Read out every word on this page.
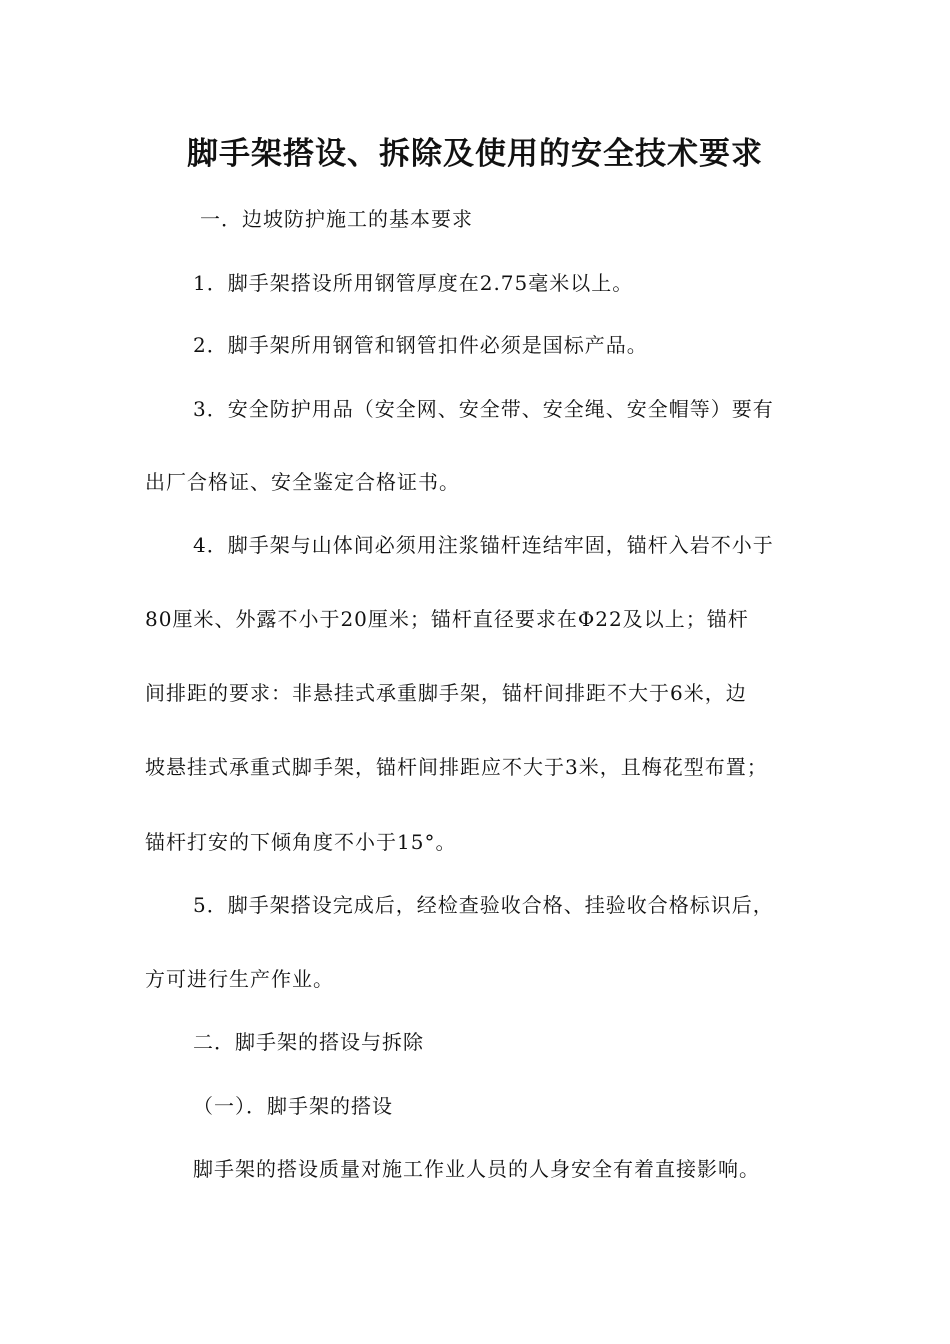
脚手架搭设、拆除及使用的安全技术要求

一．边坡防护施工的基本要求

1．脚手架搭设所用钢管厚度在2.75毫米以上。

2．脚手架所用钢管和钢管扣件必须是国标产品。

3．安全防护用品（安全网、安全带、安全绳、安全帽等）要有

出厂合格证、安全鉴定合格证书。

4．脚手架与山体间必须用注浆锚杆连结牢固，锚杆入岩不小于

80厘米、外露不小于20厘米；锚杆直径要求在Φ22及以上；锚杆

间排距的要求：非悬挂式承重脚手架，锚杆间排距不大于6米，边

坡悬挂式承重式脚手架，锚杆间排距应不大于3米，且梅花型布置；

锚杆打安的下倾角度不小于15°。

5．脚手架搭设完成后，经检查验收合格、挂验收合格标识后，

方可进行生产作业。

二．脚手架的搭设与拆除

（一）．脚手架的搭设

脚手架的搭设质量对施工作业人员的人身安全有着直接影响。
